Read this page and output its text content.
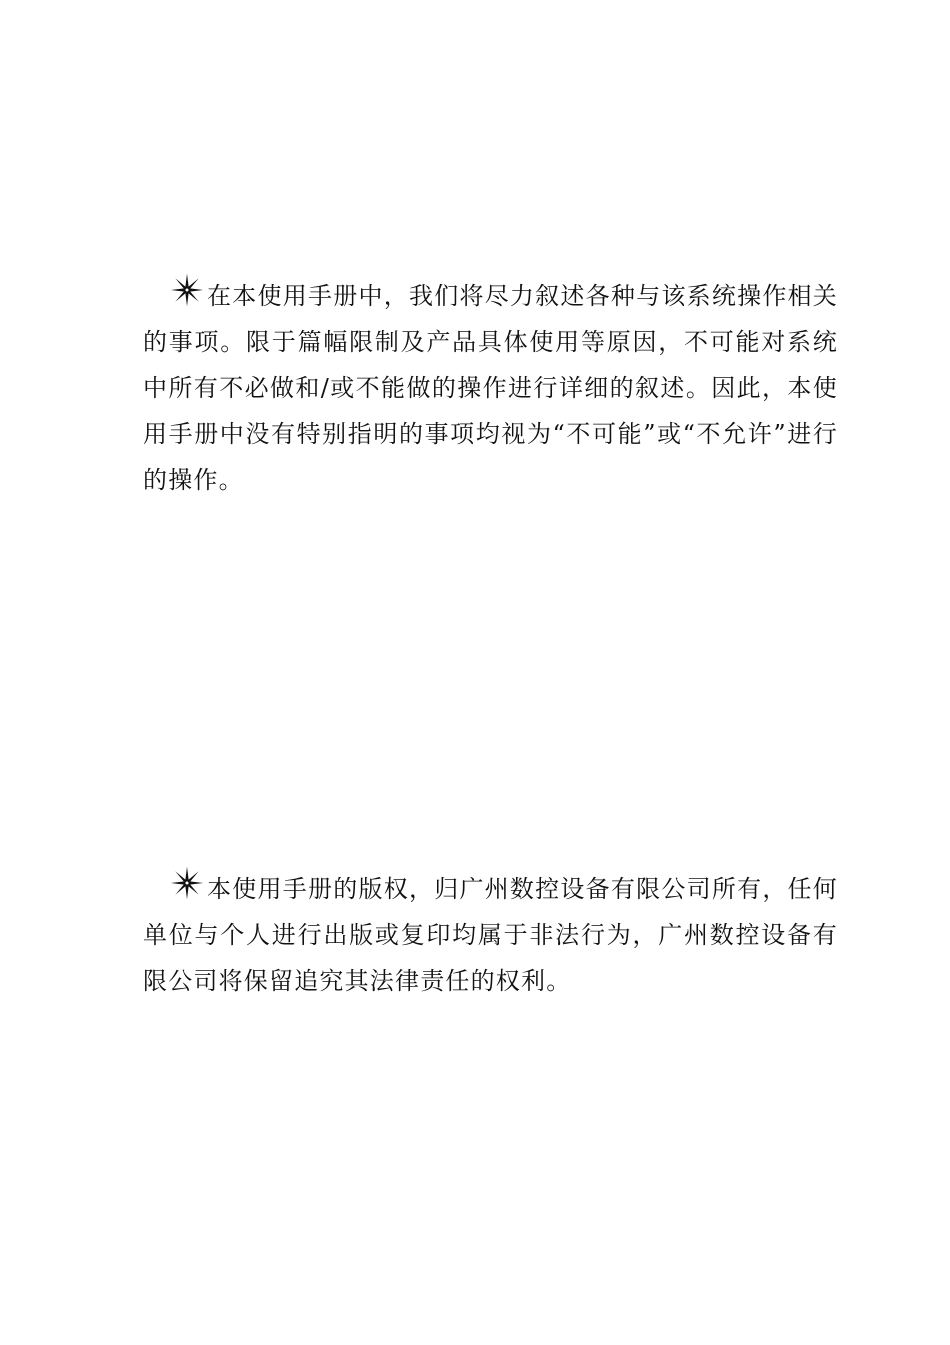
在本使用手册中，我们将尽力叙述各种与该系统操作相关的事项。限于篇幅限制及产品具体使用等原因，不可能对系统中所有不必做和/或不能做的操作进行详细的叙述。因此，本使用手册中没有特别指明的事项均视为“不可能”或“不允许”进行的操作。

本使用手册的版权，归广州数控设备有限公司所有，任何单位与个人进行出版或复印均属于非法行为，广州数控设备有限公司将保留追究其法律责任的权利。
